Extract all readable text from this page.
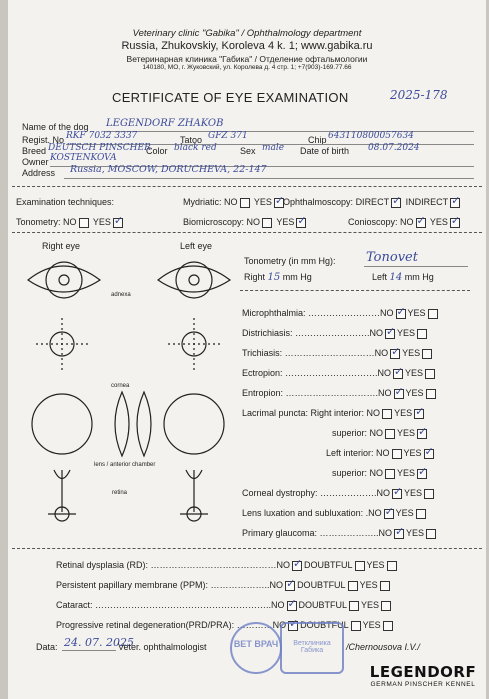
Veterinary clinic "Gabika" / Ophthalmology department
Russia, Zhukovskiy, Koroleva 4 k. 1; www.gabika.ru
Ветеринарная клиника "Габика" / Отделение офтальмологии
140180, МО, г. Жуковский, ул. Королева д. 4 стр. 1; +7(903)-169.77.66
CERTIFICATE OF EYE EXAMINATION	2025-178
Name of the dog LEGENDORF ZHAKOB
Regist. No RKF 7032 3337	Tatoo GFZ 371	Chip 643110800057634
Breed DEUTSCH PINSCHER
Color black red	Sex male Date of birth 08.07.2024
Owner KOSTENKOVA
Address Russia, MOSCOW, DORUCHEVA, 22-147
Examination techniques:	Mydriatic: NO YES ✓	Ophthalmoscopy: DIRECT ✓ INDIRECT✓
Tonometry: NO YES ✓	Biomicroscopy: NO YES ✓	Conioscopy: NO ✓ YES✓
Right eye	Left eye
adnexa
cornea
lens / anterior chamber
retina
Tonometry (in mm Hg): Tonovet
Right 15 mm Hg	Left 14 mm Hg
Microphthalmia: ……………………NO ✓ YES
Districhiasis: …………………….NO ✓ YES
Trichiasis: …………………………NO ✓ YES
Ectropion: ………………………….NO ✓ YES
Entropion: ………………………….NO ✓ YES
Lacrimal puncta: Right interior: NO YES✓
superior: NO YES✓
Left interior: NO YES✓
superior: NO YES✓
Corneal dystrophy: ……………….NO ✓ YES
Lens luxation and subluxation: .NO ✓ YES
Primary glaucoma: ………………..NO ✓ YES
Retinal dysplasia (RD): ……………………………………NO ✓ DOUBTFUL YES
Persistent papillary membrane (PPM): ………………..NO ✓ DOUBTFUL YES
Cataract: …………………………………………………..NO ✓ DOUBTFUL YES
Progressive retinal degeneration(PRD/PRA): …………NO ✓ DOUBTFUL YES
Data: 24. 07. 2025
Veter. ophthalmologist	/Chernousova I.V./
ВЕТ ВРАЧ	Ветклиника Габика
LEGENDORF
GERMAN PINSCHER KENNEL
